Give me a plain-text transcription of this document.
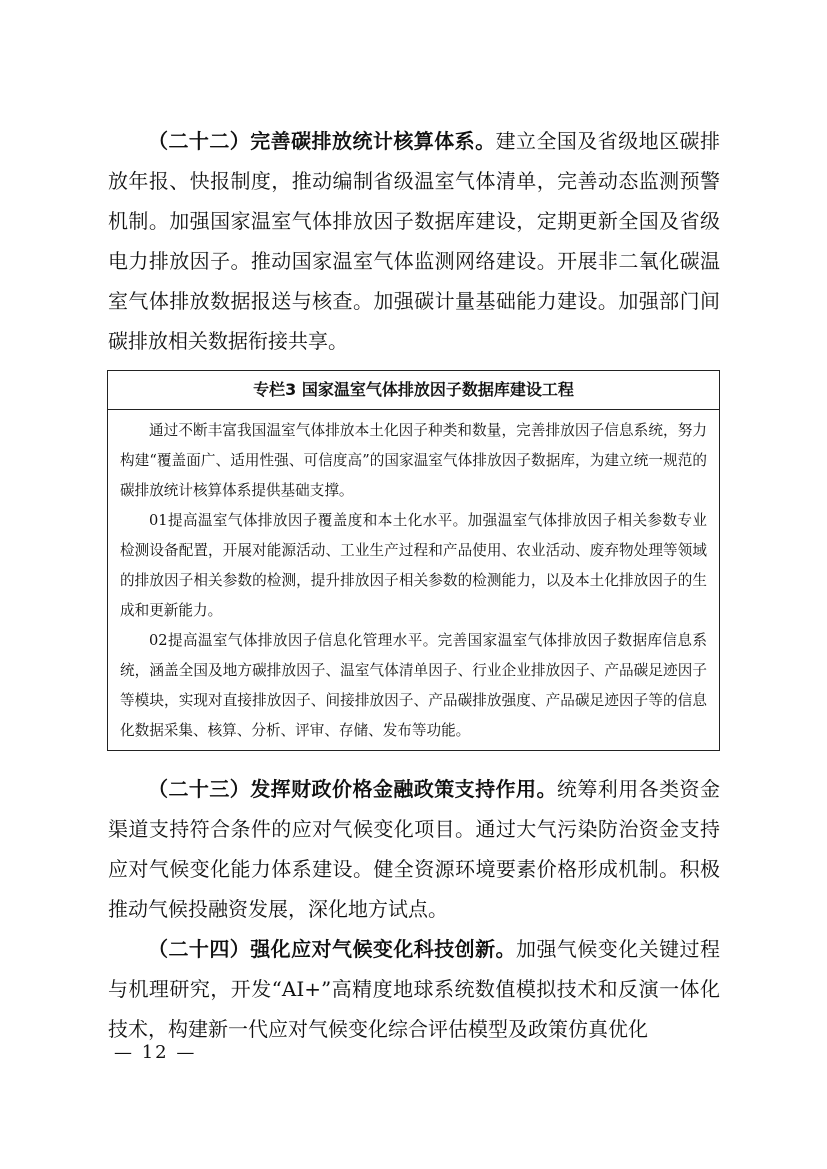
（二十二）完善碳排放统计核算体系。建立全国及省级地区碳排放年报、快报制度，推动编制省级温室气体清单，完善动态监测预警机制。加强国家温室气体排放因子数据库建设，定期更新全国及省级电力排放因子。推动国家温室气体监测网络建设。开展非二氧化碳温室气体排放数据报送与核查。加强碳计量基础能力建设。加强部门间碳排放相关数据衔接共享。

专栏3 国家温室气体排放因子数据库建设工程

通过不断丰富我国温室气体排放本土化因子种类和数量，完善排放因子信息系统，努力构建“覆盖面广、适用性强、可信度高”的国家温室气体排放因子数据库，为建立统一规范的碳排放统计核算体系提供基础支撑。

01提高温室气体排放因子覆盖度和本土化水平。加强温室气体排放因子相关参数专业检测设备配置，开展对能源活动、工业生产过程和产品使用、农业活动、废弃物处理等领域的排放因子相关参数的检测，提升排放因子相关参数的检测能力，以及本土化排放因子的生成和更新能力。

02提高温室气体排放因子信息化管理水平。完善国家温室气体排放因子数据库信息系统，涵盖全国及地方碳排放因子、温室气体清单因子、行业企业排放因子、产品碳足迹因子等模块，实现对直接排放因子、间接排放因子、产品碳排放强度、产品碳足迹因子等的信息化数据采集、核算、分析、评审、存储、发布等功能。

（二十三）发挥财政价格金融政策支持作用。统筹利用各类资金渠道支持符合条件的应对气候变化项目。通过大气污染防治资金支持应对气候变化能力体系建设。健全资源环境要素价格形成机制。积极推动气候投融资发展，深化地方试点。

（二十四）强化应对气候变化科技创新。加强气候变化关键过程与机理研究，开发“AI+”高精度地球系统数值模拟技术和反演一体化技术，构建新一代应对气候变化综合评估模型及政策仿真优化

— 12 —
